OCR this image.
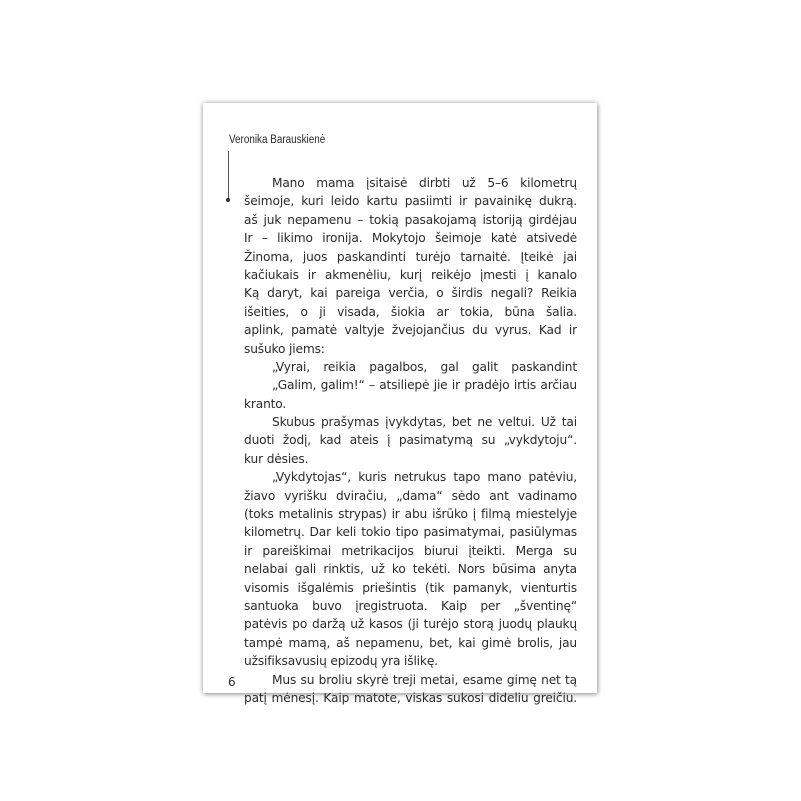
Veronika Barauskienė
Mano mama įsitaisė dirbti už 5–6 kilometrų
šeimoje, kuri leido kartu pasiimti ir pavainikę dukrą.
aš juk nepamenu – tokią pasakojamą istoriją girdėjau
Ir – likimo ironija. Mokytojo šeimoje katė atsivedė
Žinoma, juos paskandinti turėjo tarnaitė. Įteikė jai
kačiukais ir akmenėliu, kurį reikėjo įmesti į kanalo
Ką daryt, kai pareiga verčia, o širdis negali? Reikia
išeities, o ji visada, šiokia ar tokia, būna šalia.
aplink, pamatė valtyje žvejojančius du vyrus. Kad ir
sušuko jiems:
„Vyrai, reikia pagalbos, gal galit paskandint
„Galim, galim!“ – atsiliepė jie ir pradėjo irtis arčiau
kranto.
Skubus prašymas įvykdytas, bet ne veltui. Už tai
duoti žodį, kad ateis į pasimatymą su „vykdytoju“.
kur dėsies.
„Vykdytojas“, kuris netrukus tapo mano patėviu,
žiavo vyrišku dviračiu, „dama“ sėdo ant vadinamo
(toks metalinis strypas) ir abu išrūko į filmą miestelyje
kilometrų. Dar keli tokio tipo pasimatymai, pasiūlymas
ir pareiškimai metrikacijos biurui įteikti. Merga su
nelabai gali rinktis, už ko tekėti. Nors būsima anyta
visomis išgalėmis priešintis (tik pamanyk, vienturtis
santuoka buvo įregistruota. Kaip per „šventinę“
patėvis po daržą už kasos (ji turėjo storą juodų plaukų
tampė mamą, aš nepamenu, bet, kai gimė brolis, jau
užsifiksavusių epizodų yra išlikę.
Mus su broliu skyrė treji metai, esame gimę net tą
patį mėnesį. Kaip matote, viskas sukosi dideliu greičiu.
6
